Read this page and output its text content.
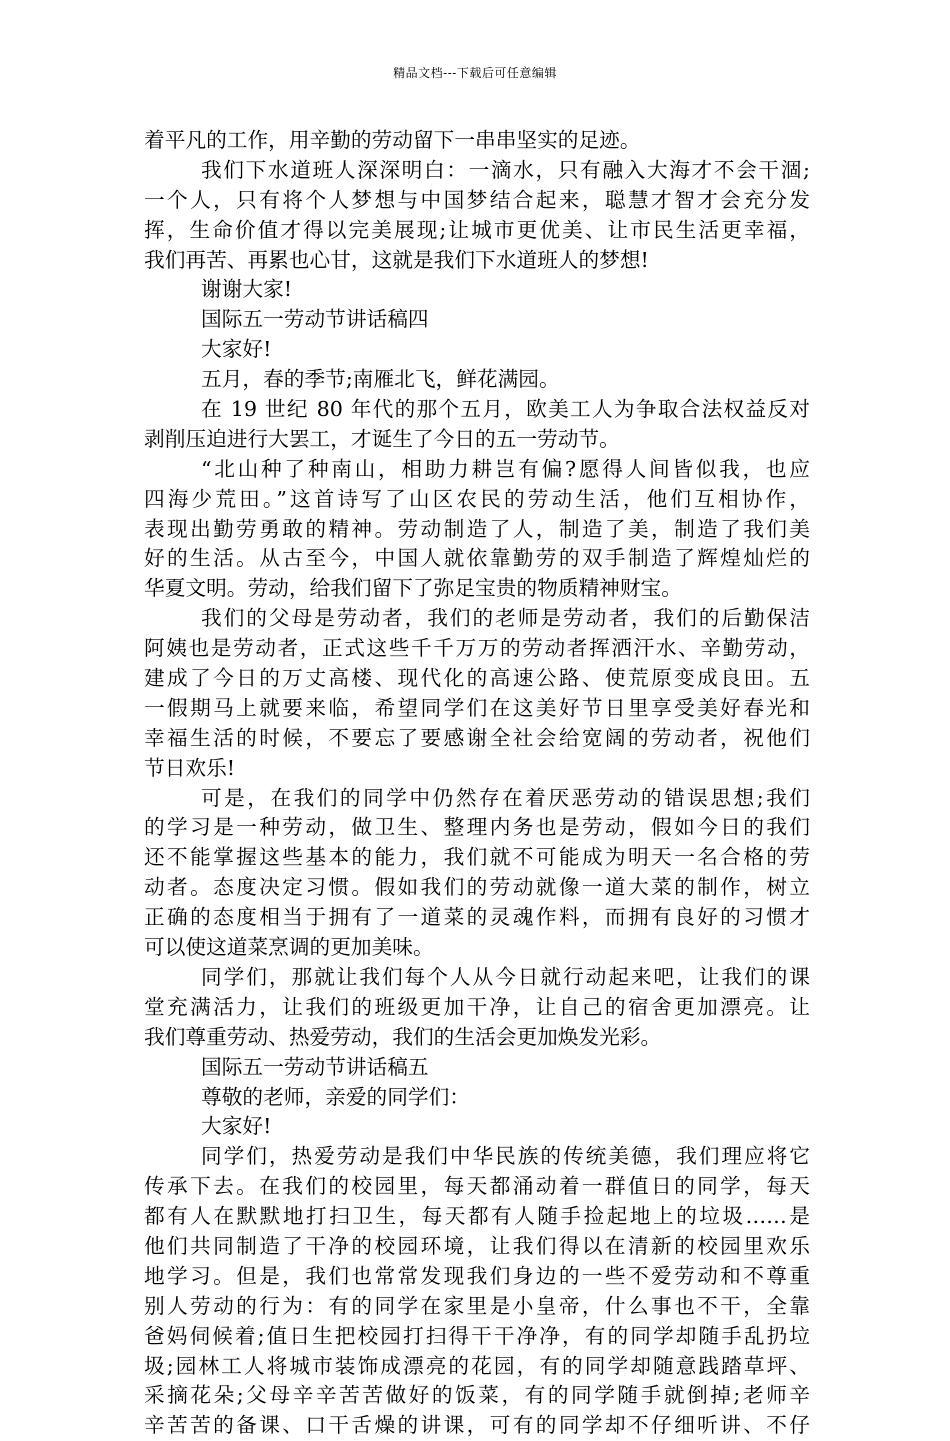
精品文档---下载后可任意编辑
着平凡的工作，用辛勤的劳动留下一串串坚实的足迹。
我们下水道班人深深明白：一滴水，只有融入大海才不会干涸;
一个人，只有将个人梦想与中国梦结合起来，聪慧才智才会充分发
挥，生命价值才得以完美展现;让城市更优美、让市民生活更幸福，
我们再苦、再累也心甘，这就是我们下水道班人的梦想!
谢谢大家!
国际五一劳动节讲话稿四
大家好!
五月，春的季节;南雁北飞，鲜花满园。
在 19 世纪 80 年代的那个五月，欧美工人为争取合法权益反对
剥削压迫进行大罢工，才诞生了今日的五一劳动节。
“北山种了种南山，相助力耕岂有偏?愿得人间皆似我，也应
四海少荒田。”这首诗写了山区农民的劳动生活，他们互相协作，
表现出勤劳勇敢的精神。劳动制造了人，制造了美，制造了我们美
好的生活。从古至今，中国人就依靠勤劳的双手制造了辉煌灿烂的
华夏文明。劳动，给我们留下了弥足宝贵的物质精神财宝。
我们的父母是劳动者，我们的老师是劳动者，我们的后勤保洁
阿姨也是劳动者，正式这些千千万万的劳动者挥洒汗水、辛勤劳动，
建成了今日的万丈高楼、现代化的高速公路、使荒原变成良田。五
一假期马上就要来临，希望同学们在这美好节日里享受美好春光和
幸福生活的时候，不要忘了要感谢全社会给宽阔的劳动者，祝他们
节日欢乐!
可是，在我们的同学中仍然存在着厌恶劳动的错误思想;我们
的学习是一种劳动，做卫生、整理内务也是劳动，假如今日的我们
还不能掌握这些基本的能力，我们就不可能成为明天一名合格的劳
动者。态度决定习惯。假如我们的劳动就像一道大菜的制作，树立
正确的态度相当于拥有了一道菜的灵魂作料，而拥有良好的习惯才
可以使这道菜烹调的更加美味。
同学们，那就让我们每个人从今日就行动起来吧，让我们的课
堂充满活力，让我们的班级更加干净，让自己的宿舍更加漂亮。让
我们尊重劳动、热爱劳动，我们的生活会更加焕发光彩。
国际五一劳动节讲话稿五
尊敬的老师，亲爱的同学们：
大家好!
同学们，热爱劳动是我们中华民族的传统美德，我们理应将它
传承下去。在我们的校园里，每天都涌动着一群值日的同学，每天
都有人在默默地打扫卫生，每天都有人随手捡起地上的垃圾……是
他们共同制造了干净的校园环境，让我们得以在清新的校园里欢乐
地学习。但是，我们也常常发现我们身边的一些不爱劳动和不尊重
别人劳动的行为：有的同学在家里是小皇帝，什么事也不干，全靠
爸妈伺候着;值日生把校园打扫得干干净净，有的同学却随手乱扔垃
圾;园林工人将城市装饰成漂亮的花园，有的同学却随意践踏草坪、
采摘花朵;父母辛辛苦苦做好的饭菜，有的同学随手就倒掉;老师辛
辛苦苦的备课、口干舌燥的讲课，可有的同学却不仔细听讲、不仔
